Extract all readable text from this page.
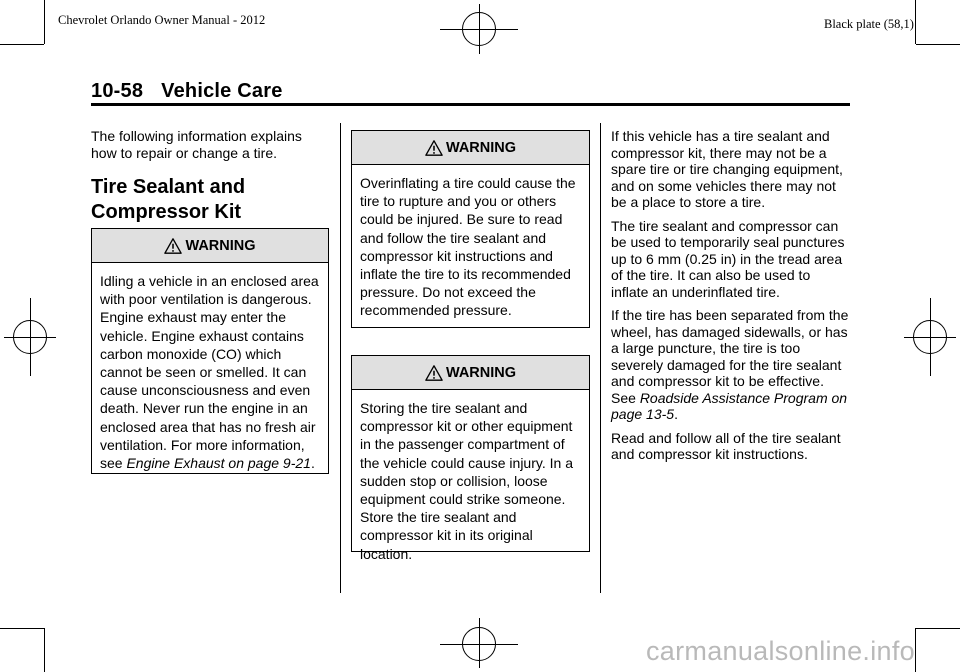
Chevrolet Orlando Owner Manual - 2012	Black plate (58,1)
10-58 Vehicle Care

The following information explains how to repair or change a tire.

Tire Sealant and
Compressor Kit
WARNING
Idling a vehicle in an enclosed area with poor ventilation is dangerous. Engine exhaust may enter the vehicle. Engine exhaust contains carbon monoxide (CO) which cannot be seen or smelled. It can cause unconsciousness and even death. Never run the engine in an enclosed area that has no fresh air ventilation. For more information, see Engine Exhaust on page 9-21.
WARNING
Overinflating a tire could cause the tire to rupture and you or others could be injured. Be sure to read and follow the tire sealant and compressor kit instructions and inflate the tire to its recommended pressure. Do not exceed the recommended pressure.
WARNING
Storing the tire sealant and compressor kit or other equipment in the passenger compartment of the vehicle could cause injury. In a sudden stop or collision, loose equipment could strike someone. Store the tire sealant and compressor kit in its original location.

If this vehicle has a tire sealant and compressor kit, there may not be a spare tire or tire changing equipment, and on some vehicles there may not be a place to store a tire.

The tire sealant and compressor can be used to temporarily seal punctures up to 6 mm (0.25 in) in the tread area of the tire. It can also be used to inflate an underinflated tire.

If the tire has been separated from the wheel, has damaged sidewalls, or has a large puncture, the tire is too severely damaged for the tire sealant and compressor kit to be effective. See Roadside Assistance Program on page 13-5.

Read and follow all of the tire sealant and compressor kit instructions.

carmanualsonline.info
